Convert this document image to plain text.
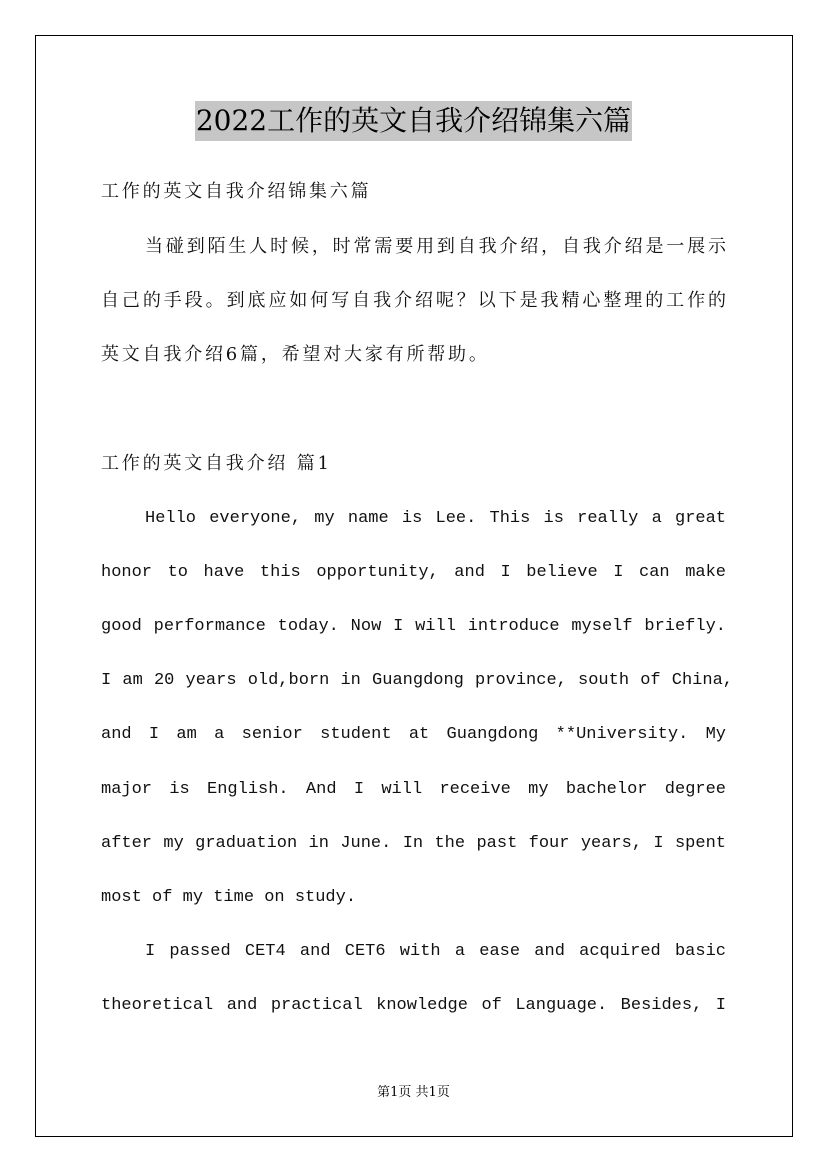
2022工作的英文自我介绍锦集六篇
工作的英文自我介绍锦集六篇
当碰到陌生人时候，时常需要用到自我介绍，自我介绍是一展示
自己的手段。到底应如何写自我介绍呢？以下是我精心整理的工作的
英文自我介绍6篇，希望对大家有所帮助。
工作的英文自我介绍 篇1
Hello everyone, my name is Lee. This is really a great
honor to have this opportunity, and I believe I can make
good performance today. Now I will introduce myself briefly.
I am 20 years old,born in Guangdong province, south of China,
and I am a senior student at Guangdong **University. My
major is English. And I will receive my bachelor degree
after my graduation in June. In the past four years, I spent
most of my time on study.
I passed CET4 and CET6 with a ease and acquired basic
theoretical and practical knowledge of Language. Besides, I
第1页 共1页
